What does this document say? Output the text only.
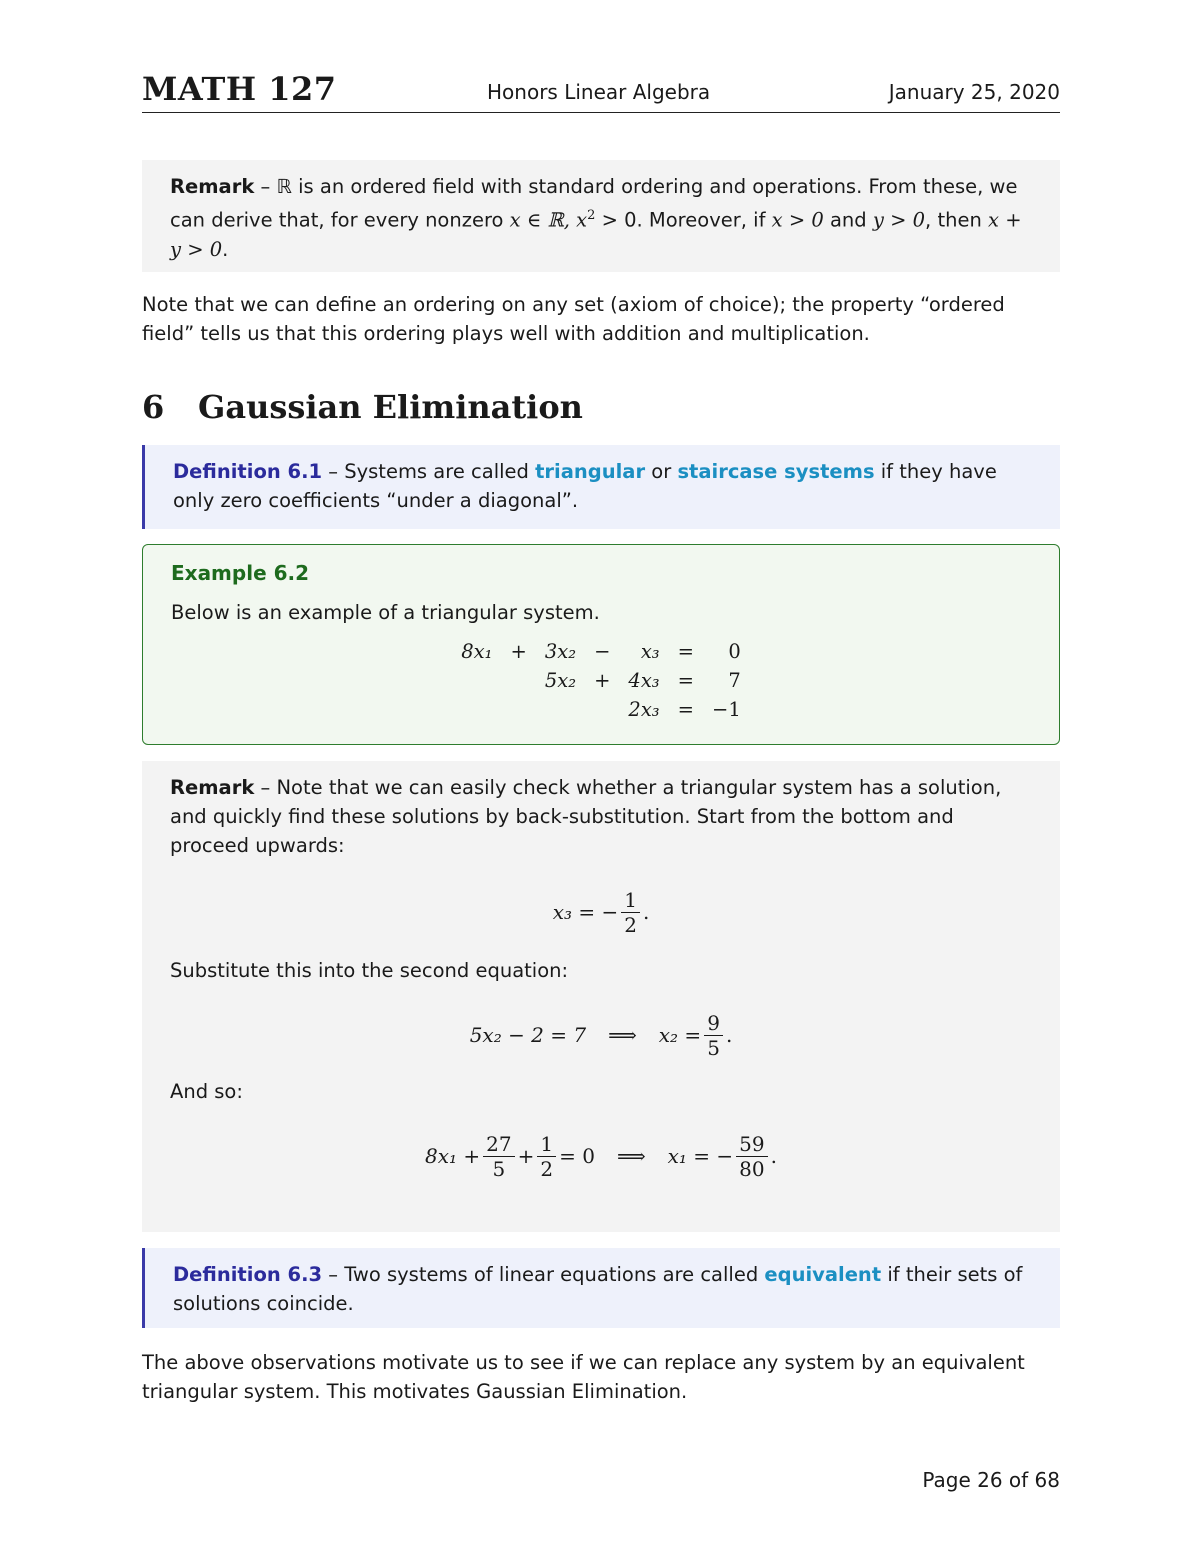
MATH 127	Honors Linear Algebra	January 25, 2020
Remark – ℝ is an ordered field with standard ordering and operations. From these, we can derive that, for every nonzero x ∈ ℝ, $x^2 > 0$. Moreover, if x > 0 and y > 0, then x + y > 0.

Note that we can define an ordering on any set (axiom of choice); the property “ordered field” tells us that this ordering plays well with addition and multiplication.

6 Gaussian Elimination
Definition 6.1 – Systems are called triangular or staircase systems if they have only zero coefficients “under a diagonal”.
Example 6.2
Below is an example of a triangular system.
8x₁	+	3x₂	−	x₃	=	0
		5x₂	+	4x₃	=	7
				2x₃	=	−1
Remark – Note that we can easily check whether a triangular system has a solution, and quickly find these solutions by back-substitution. Start from the bottom and proceed upwards:
x₃ = − $\frac{1}{2}$ .
Substitute this into the second equation:
5x₂ − 2 = 7 ⟹ $x_2 = \frac{9}{5}$ .
And so:
$8x_1 + \frac{27}{5} + \frac{1}{2} = 0$ ⟹ x₁ = − $\frac{59}{80}$ .
Definition 6.3 – Two systems of linear equations are called equivalent if their sets of solutions coincide.

The above observations motivate us to see if we can replace any system by an equivalent triangular system. This motivates Gaussian Elimination.

Page 26 of 68
